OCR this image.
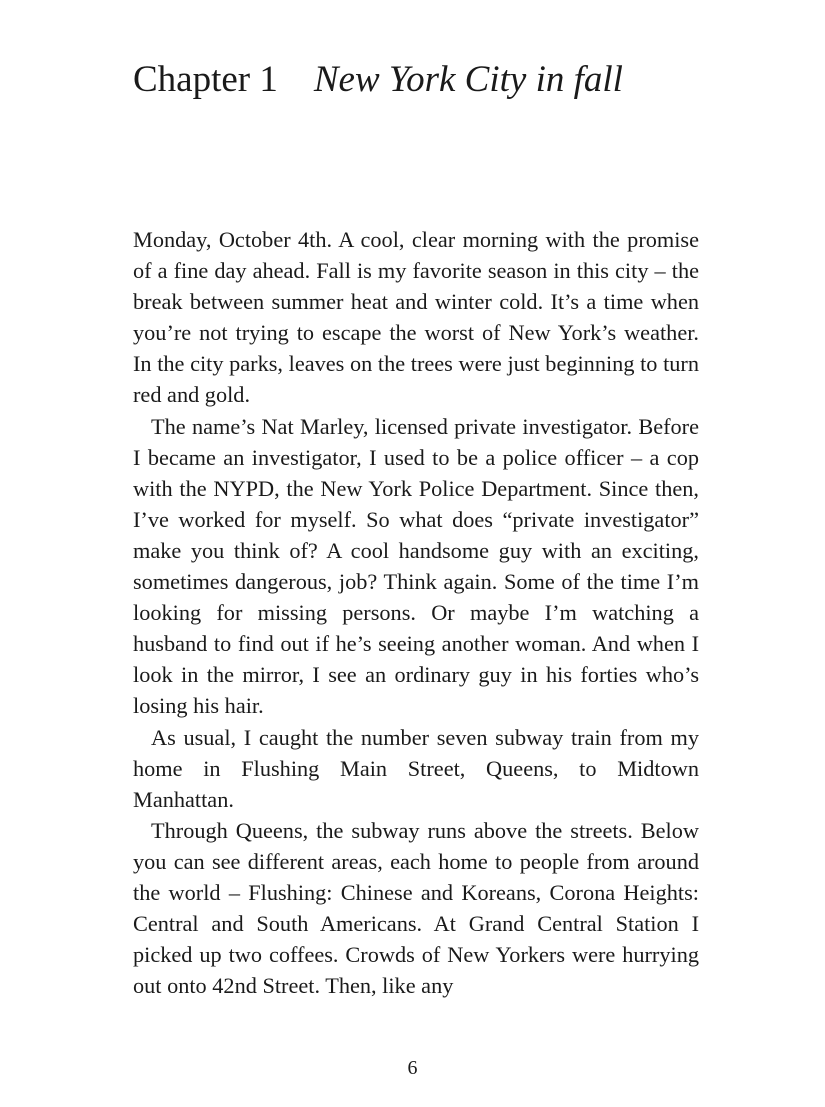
Chapter 1 New York City in fall

Monday, October 4th. A cool, clear morning with the promise of a fine day ahead. Fall is my favorite season in this city – the break between summer heat and winter cold. It’s a time when you’re not trying to escape the worst of New York’s weather. In the city parks, leaves on the trees were just beginning to turn red and gold.

The name’s Nat Marley, licensed private investigator. Before I became an investigator, I used to be a police officer – a cop with the NYPD, the New York Police Department. Since then, I’ve worked for myself. So what does “private investigator” make you think of? A cool handsome guy with an exciting, sometimes dangerous, job? Think again. Some of the time I’m looking for missing persons. Or maybe I’m watching a husband to find out if he’s seeing another woman. And when I look in the mirror, I see an ordinary guy in his forties who’s losing his hair.

As usual, I caught the number seven subway train from my home in Flushing Main Street, Queens, to Midtown Manhattan.

Through Queens, the subway runs above the streets. Below you can see different areas, each home to people from around the world – Flushing: Chinese and Koreans, Corona Heights: Central and South Americans. At Grand Central Station I picked up two coffees. Crowds of New Yorkers were hurrying out onto 42nd Street. Then, like any

6
